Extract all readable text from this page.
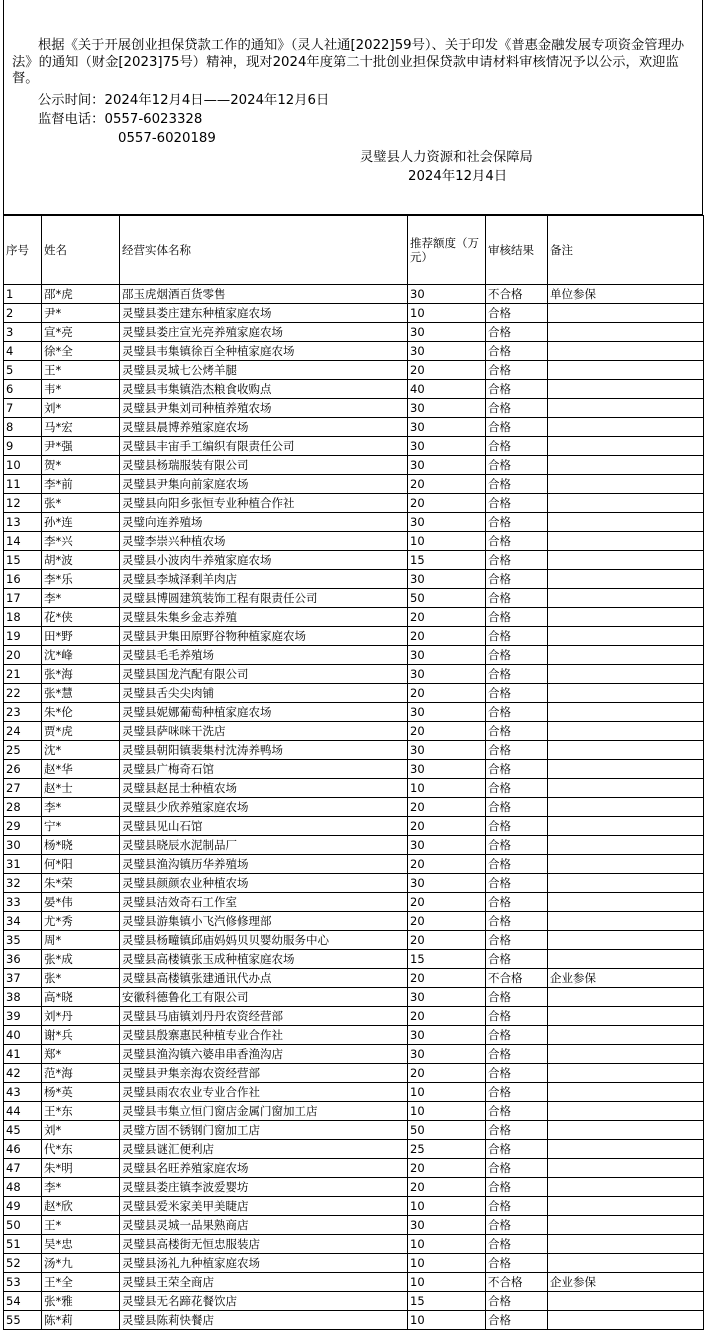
根据《关于开展创业担保贷款工作的通知》（灵人社通[2022]59号）、关于印发《普惠金融发展专项资金管理办法》的通知（财金[2023]75号）精神，现对2024年度第二十批创业担保贷款申请材料审核情况予以公示，欢迎监督。

公示时间：2024年12月4日——2024年12月6日
监督电话：0557-6023328
0557-6020189
灵璧县人力资源和社会保障局
2024年12月4日
序号	姓名	经营实体名称	推荐额度（万元）	审核结果	备注
1	邵*虎	邵玉虎烟酒百货零售	30	不合格	单位参保
2	尹*	灵璧县娄庄建东种植家庭农场	10	合格	
3	宣*亮	灵璧县娄庄宣光亮养殖家庭农场	30	合格	
4	徐*全	灵璧县韦集镇徐百全种植家庭农场	30	合格	
5	王*	灵璧县灵城七公烤羊腿	20	合格	
6	韦*	灵璧县韦集镇浩杰粮食收购点	40	合格	
7	刘*	灵璧县尹集刘司种植养殖农场	30	合格	
8	马*宏	灵璧县晨博养殖家庭农场	30	合格	
9	尹*强	灵璧县丰宙手工编织有限责任公司	30	合格	
10	贺*	灵璧县杨瑞服装有限公司	30	合格	
11	李*前	灵璧县尹集向前家庭农场	20	合格	
12	张*	灵璧县向阳乡张恒专业种植合作社	20	合格	
13	孙*连	灵璧向连养殖场	30	合格	
14	李*兴	灵璧李崇兴种植农场	10	合格	
15	胡*波	灵璧县小波肉牛养殖家庭农场	15	合格	
16	李*乐	灵璧县李城泽剩羊肉店	30	合格	
17	李*	灵璧县博圆建筑装饰工程有限责任公司	50	合格	
18	花*侠	灵璧县朱集乡金志养殖	20	合格	
19	田*野	灵璧县尹集田原野谷物种植家庭农场	20	合格	
20	沈*峰	灵璧县毛毛养殖场	30	合格	
21	张*海	灵璧县国龙汽配有限公司	30	合格	
22	张*慧	灵璧县舌尖尖肉铺	20	合格	
23	朱*伦	灵璧县妮娜葡萄种植家庭农场	30	合格	
24	贾*虎	灵璧县萨咪咪干洗店	20	合格	
25	沈*	灵璧县朝阳镇裴集村沈涛养鸭场	30	合格	
26	赵*华	灵璧县广梅奇石馆	30	合格	
27	赵*士	灵璧县赵昆士种植农场	10	合格	
28	李*	灵璧县少欣养殖家庭农场	20	合格	
29	宁*	灵璧县见山石馆	20	合格	
30	杨*晓	灵璧县晓辰水泥制品厂	30	合格	
31	何*阳	灵璧县渔沟镇历华养殖场	20	合格	
32	朱*荣	灵璧县颜颜农业种植农场	30	合格	
33	晏*伟	灵璧县洁效奇石工作室	20	合格	
34	尤*秀	灵璧县游集镇小飞汽修修理部	20	合格	
35	周*	灵璧县杨疃镇邱庙妈妈贝贝婴幼服务中心	20	合格	
36	张*成	灵璧县高楼镇张玉成种植家庭农场	15	合格	
37	张*	灵璧县高楼镇张建通讯代办点	20	不合格	企业参保
38	高*晓	安徽科德鲁化工有限公司	30	合格	
39	刘*丹	灵璧县马庙镇刘丹丹农资经营部	20	合格	
40	谢*兵	灵璧县殷寨惠民种植专业合作社	30	合格	
41	郑*	灵璧县渔沟镇六婆串串香渔沟店	30	合格	
42	范*海	灵璧县尹集亲海农资经营部	20	合格	
43	杨*英	灵璧县雨农农业专业合作社	10	合格	
44	王*东	灵璧县韦集立恒门窗店金属门窗加工店	10	合格	
45	刘*	灵璧方固不锈钢门窗加工店	50	合格	
46	代*东	灵璧县谜汇便利店	25	合格	
47	朱*明	灵璧县名旺养殖家庭农场	20	合格	
48	李*	灵璧县娄庄镇李波爱婴坊	20	合格	
49	赵*欣	灵璧县爱米家美甲美睫店	10	合格	
50	王*	灵璧县灵城一品果熟商店	30	合格	
51	吴*忠	灵璧县高楼街无恒忠服装店	10	合格	
52	汤*九	灵璧县汤礼九种植家庭农场	10	合格	
53	王*全	灵璧县王荣全商店	10	不合格	企业参保
54	张*雅	灵璧县无名蹄花餐饮店	15	合格	
55	陈*莉	灵璧县陈莉快餐店	10	合格	
